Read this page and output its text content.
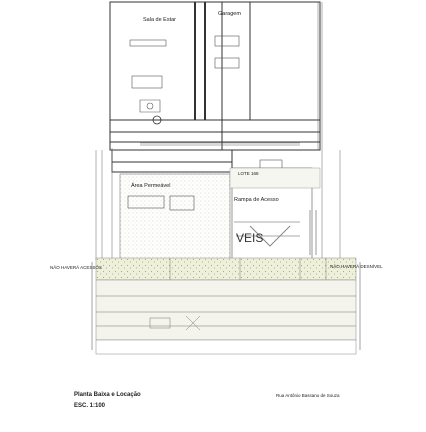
Sala de Estar
Garagem
Área Permeável
Rampa de Acesso
LOTE 168
NÃO HAVERÁ ACESSOS	NÃO HAVERÁ DESNÍVEL
VEIS
Rua Antônio Bassano de Souza
Planta Baixa e Locação
ESC. 1:100
